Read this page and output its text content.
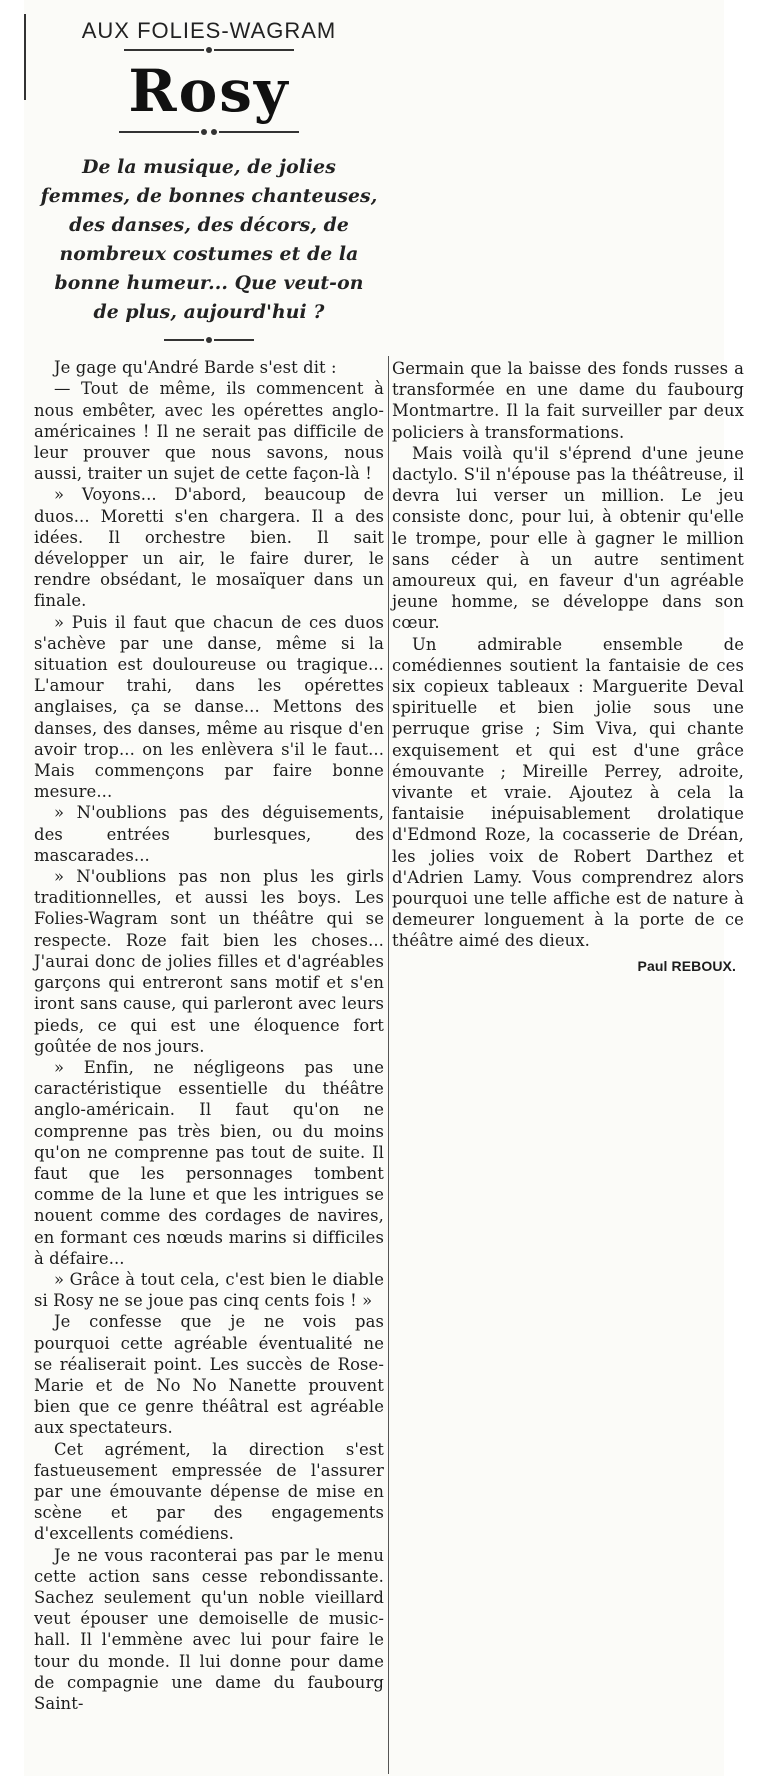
AUX FOLIES-WAGRAM
Rosy

De la musique, de jolies femmes, de bonnes chanteuses, des danses, des décors, de nombreux costumes et de la bonne humeur... Que veut-on de plus, aujourd'hui ?

Je gage qu'André Barde s'est dit :

— Tout de même, ils commencent à nous embêter, avec les opérettes anglo-américaines ! Il ne serait pas difficile de leur prouver que nous savons, nous aussi, traiter un sujet de cette façon-là !

» Voyons... D'abord, beaucoup de duos... Moretti s'en chargera. Il a des idées. Il orchestre bien. Il sait développer un air, le faire durer, le rendre obsédant, le mosaïquer dans un finale.

» Puis il faut que chacun de ces duos s'achève par une danse, même si la situation est douloureuse ou tragique... L'amour trahi, dans les opérettes anglaises, ça se danse... Mettons des danses, des danses, même au risque d'en avoir trop... on les enlèvera s'il le faut... Mais commençons par faire bonne mesure...

» N'oublions pas des déguisements, des entrées burlesques, des mascarades...

» N'oublions pas non plus les girls traditionnelles, et aussi les boys. Les Folies-Wagram sont un théâtre qui se respecte. Roze fait bien les choses... J'aurai donc de jolies filles et d'agréables garçons qui entreront sans motif et s'en iront sans cause, qui parleront avec leurs pieds, ce qui est une éloquence fort goûtée de nos jours.

» Enfin, ne négligeons pas une caractéristique essentielle du théâtre anglo-américain. Il faut qu'on ne comprenne pas très bien, ou du moins qu'on ne comprenne pas tout de suite. Il faut que les personnages tombent comme de la lune et que les intrigues se nouent comme des cordages de navires, en formant ces nœuds marins si difficiles à défaire...

» Grâce à tout cela, c'est bien le diable si Rosy ne se joue pas cinq cents fois ! »

Je confesse que je ne vois pas pourquoi cette agréable éventualité ne se réaliserait point. Les succès de Rose-Marie et de No No Nanette prouvent bien que ce genre théâtral est agréable aux spectateurs.

Cet agrément, la direction s'est fastueusement empressée de l'assurer par une émouvante dépense de mise en scène et par des engagements d'excellents comédiens.

Je ne vous raconterai pas par le menu cette action sans cesse rebondissante. Sachez seulement qu'un noble vieillard veut épouser une demoiselle de music-hall. Il l'emmène avec lui pour faire le tour du monde. Il lui donne pour dame de compagnie une dame du faubourg Saint-

Germain que la baisse des fonds russes a transformée en une dame du faubourg Montmartre. Il la fait surveiller par deux policiers à transformations.

Mais voilà qu'il s'éprend d'une jeune dactylo. S'il n'épouse pas la théâtreuse, il devra lui verser un million. Le jeu consiste donc, pour lui, à obtenir qu'elle le trompe, pour elle à gagner le million sans céder à un autre sentiment amoureux qui, en faveur d'un agréable jeune homme, se développe dans son cœur.

Un admirable ensemble de comédiennes soutient la fantaisie de ces six copieux tableaux : Marguerite Deval spirituelle et bien jolie sous une perruque grise ; Sim Viva, qui chante exquisement et qui est d'une grâce émouvante ; Mireille Perrey, adroite, vivante et vraie. Ajoutez à cela la fantaisie inépuisablement drolatique d'Edmond Roze, la cocasserie de Dréan, les jolies voix de Robert Darthez et d'Adrien Lamy. Vous comprendrez alors pourquoi une telle affiche est de nature à demeurer longuement à la porte de ce théâtre aimé des dieux.

Paul REBOUX.
